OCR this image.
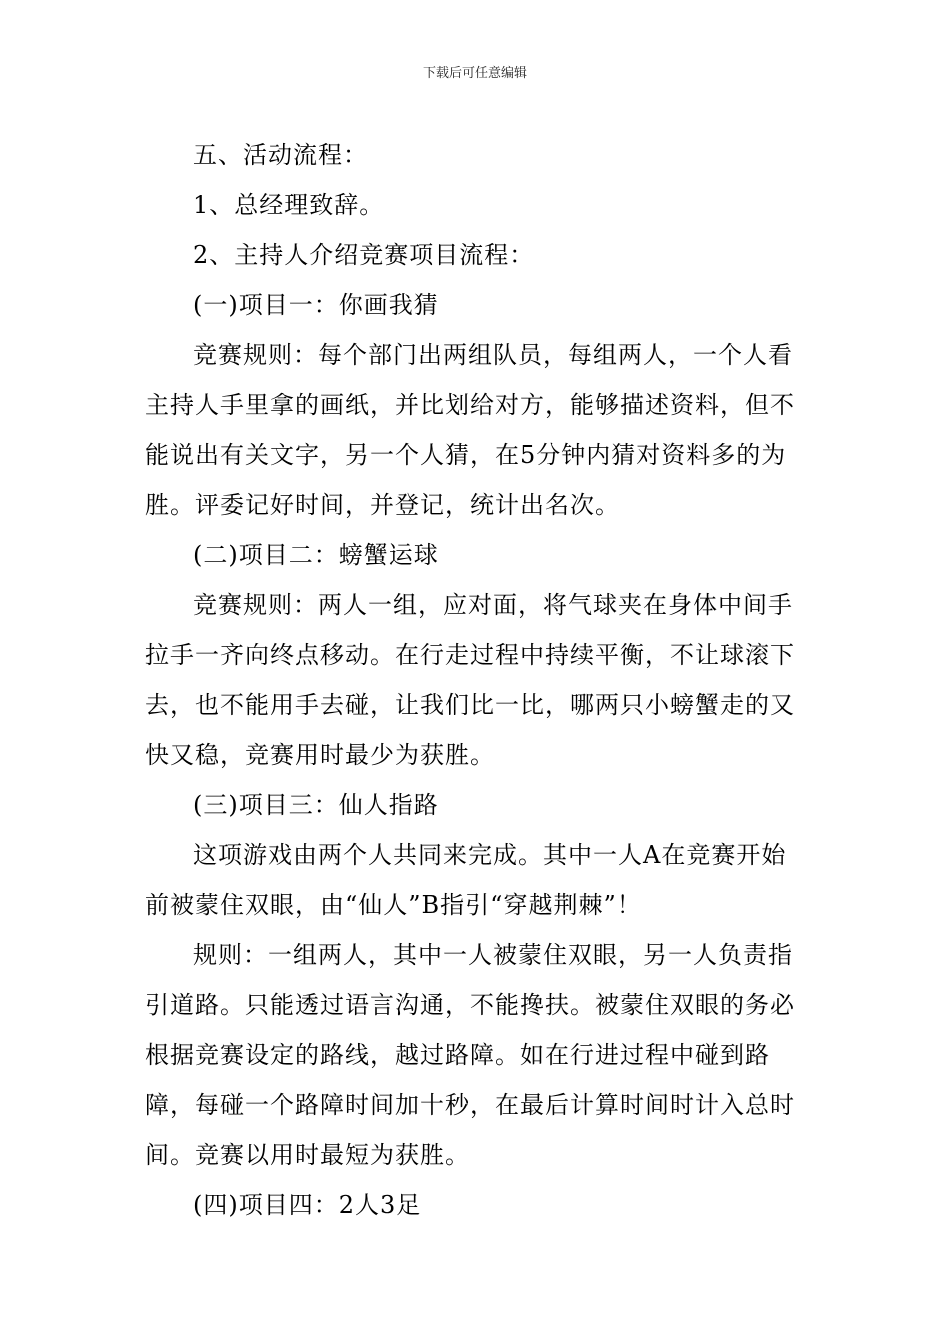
下载后可任意编辑

五、活动流程：

1、总经理致辞。

2、主持人介绍竞赛项目流程：

(一)项目一：你画我猜

竞赛规则：每个部门出两组队员，每组两人，一个人看主持人手里拿的画纸，并比划给对方，能够描述资料，但不能说出有关文字，另一个人猜，在5分钟内猜对资料多的为胜。评委记好时间，并登记，统计出名次。

(二)项目二：螃蟹运球

竞赛规则：两人一组，应对面，将气球夹在身体中间手拉手一齐向终点移动。在行走过程中持续平衡，不让球滚下去，也不能用手去碰，让我们比一比，哪两只小螃蟹走的又快又稳，竞赛用时最少为获胜。

(三)项目三：仙人指路

这项游戏由两个人共同来完成。其中一人A在竞赛开始前被蒙住双眼，由“仙人”B指引“穿越荆棘”！

规则：一组两人，其中一人被蒙住双眼，另一人负责指引道路。只能透过语言沟通，不能搀扶。被蒙住双眼的务必根据竞赛设定的路线，越过路障。如在行进过程中碰到路障，每碰一个路障时间加十秒，在最后计算时间时计入总时间。竞赛以用时最短为获胜。

(四)项目四：2人3足
